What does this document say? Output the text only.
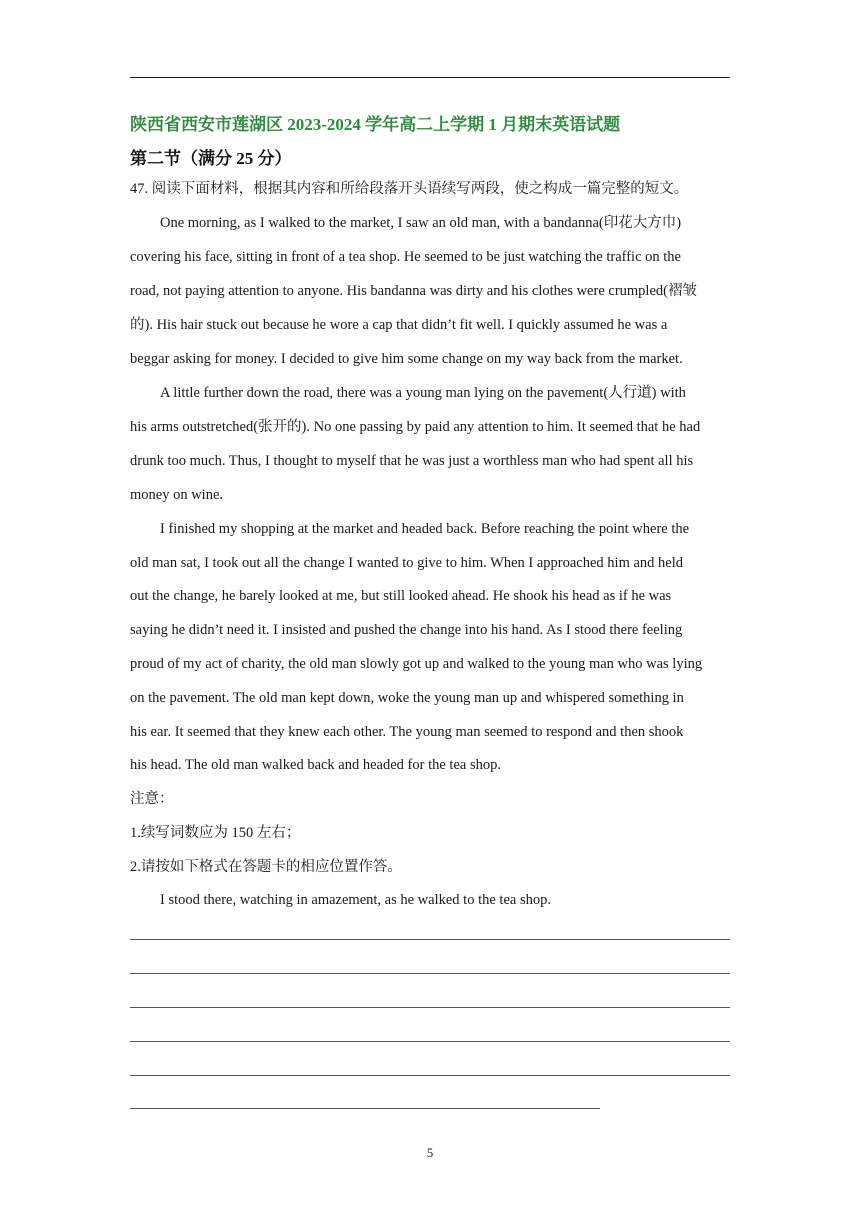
陕西省西安市莲湖区 2023-2024 学年高二上学期 1 月期末英语试题
第二节（满分 25 分）
47. 阅读下面材料，根据其内容和所给段落开头语续写两段，使之构成一篇完整的短文。
One morning, as I walked to the market, I saw an old man, with a bandanna(印花大方巾)
covering his face, sitting in front of a tea shop. He seemed to be just watching the traffic on the
road, not paying attention to anyone. His bandanna was dirty and his clothes were crumpled(褶皱
的). His hair stuck out because he wore a cap that didn’t fit well. I quickly assumed he was a
beggar asking for money. I decided to give him some change on my way back from the market.
A little further down the road, there was a young man lying on the pavement(人行道) with
his arms outstretched(张开的). No one passing by paid any attention to him. It seemed that he had
drunk too much. Thus, I thought to myself that he was just a worthless man who had spent all his
money on wine.
I finished my shopping at the market and headed back. Before reaching the point where the
old man sat, I took out all the change I wanted to give to him. When I approached him and held
out the change, he barely looked at me, but still looked ahead. He shook his head as if he was
saying he didn’t need it. I insisted and pushed the change into his hand. As I stood there feeling
proud of my act of charity, the old man slowly got up and walked to the young man who was lying
on the pavement. The old man kept down, woke the young man up and whispered something in
his ear. It seemed that they knew each other. The young man seemed to respond and then shook
his head. The old man walked back and headed for the tea shop.
注意：
1.续写词数应为 150 左右；
2.请按如下格式在答题卡的相应位置作答。
I stood there, watching in amazement, as he walked to the tea shop.
5
